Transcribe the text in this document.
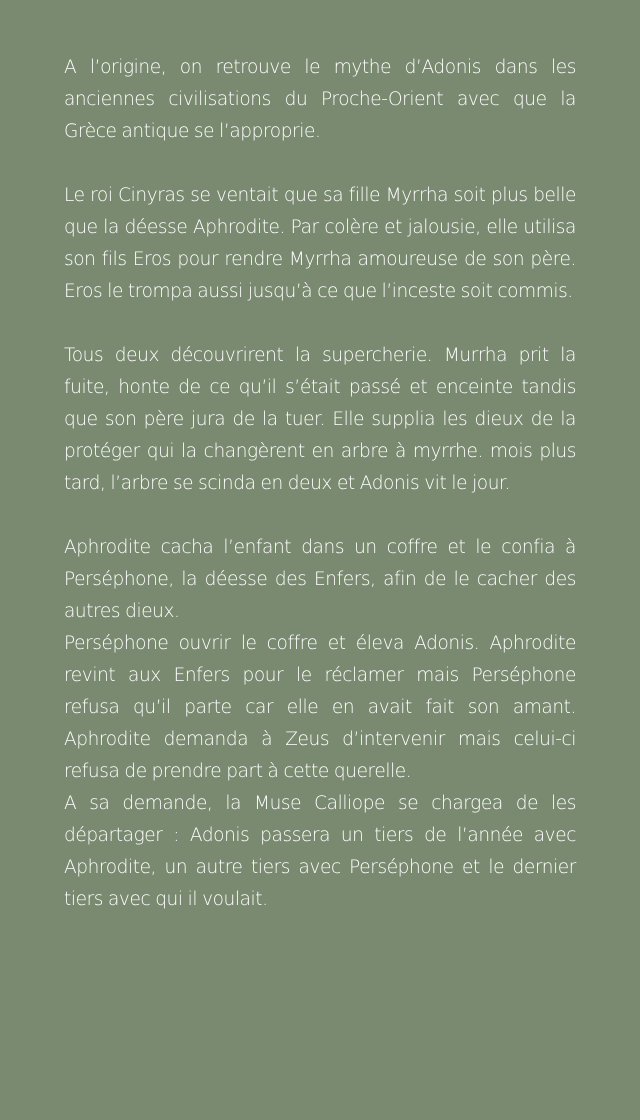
A l’origine, on retrouve le mythe d’Adonis dans les anciennes civilisations du Proche-Orient avec que la Grèce antique se l’approprie.

Le roi Cinyras se ventait que sa fille Myrrha soit plus belle que la déesse Aphrodite. Par colère et jalousie, elle utilisa son fils Eros pour rendre Myrrha amoureuse de son père. Eros le trompa aussi jusqu’à ce que l’inceste soit commis.

Tous deux découvrirent la supercherie. Murrha prit la fuite, honte de ce qu’il s’était passé et enceinte tandis que son père jura de la tuer. Elle supplia les dieux de la protéger qui la changèrent en arbre à myrrhe. mois plus tard, l’arbre se scinda en deux et Adonis vit le jour.

Aphrodite cacha l’enfant dans un coffre et le confia à Perséphone, la déesse des Enfers, afin de le cacher des autres dieux.

Perséphone ouvrir le coffre et éleva Adonis. Aphrodite revint aux Enfers pour le réclamer mais Perséphone refusa qu’il parte car elle en avait fait son amant. Aphrodite demanda à Zeus d’intervenir mais celui-ci refusa de prendre part à cette querelle.

A sa demande, la Muse Calliope se chargea de les départager : Adonis passera un tiers de l’année avec Aphrodite, un autre tiers avec Perséphone et le dernier tiers avec qui il voulait.
